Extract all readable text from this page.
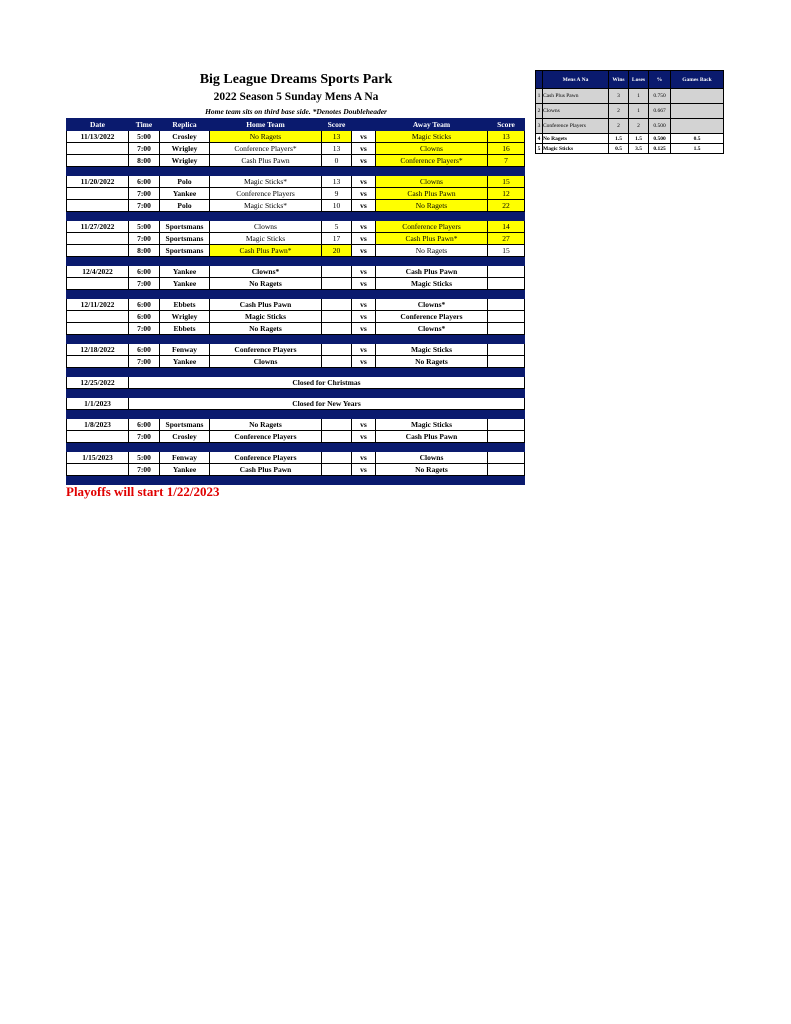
Big League Dreams Sports Park
2022 Season 5 Sunday Mens A Na
Home team sits on third base side. *Denotes Doubleheader
Date	Time	Replica	Home Team	Score		Away Team	Score
11/13/2022	5:00	Crosley	No Ragets	13	vs	Magic Sticks	13
	7:00	Wrigley	Conference Players*	13	vs	Clowns	16
	8:00	Wrigley	Cash Plus Pawn	0	vs	Conference Players*	7

11/20/2022	6:00	Polo	Magic Sticks*	13	vs	Clowns	15
	7:00	Yankee	Conference Players	9	vs	Cash Plus Pawn	12
	7:00	Polo	Magic Sticks*	10	vs	No Ragets	22

11/27/2022	5:00	Sportsmans	Clowns	5	vs	Conference Players	14
	7:00	Sportsmans	Magic Sticks	17	vs	Cash Plus Pawn*	27
	8:00	Sportsmans	Cash Plus Pawn*	20	vs	No Ragets	15

12/4/2022	6:00	Yankee	Clowns*		vs	Cash Plus Pawn	
	7:00	Yankee	No Ragets		vs	Magic Sticks	

12/11/2022	6:00	Ebbets	Cash Plus Pawn		vs	Clowns*	
	6:00	Wrigley	Magic Sticks		vs	Conference Players	
	7:00	Ebbets	No Ragets		vs	Clowns*	

12/18/2022	6:00	Fenway	Conference Players		vs	Magic Sticks	
	7:00	Yankee	Clowns		vs	No Ragets	

12/25/2022	Closed for Christmas						

1/1/2023	Closed for New Years						

1/8/2023	6:00	Sportsmans	No Ragets		vs	Magic Sticks	
	7:00	Crosley	Conference Players		vs	Cash Plus Pawn	

1/15/2023	5:00	Fenway	Conference Players		vs	Clowns	
	7:00	Yankee	Cash Plus Pawn		vs	No Ragets	

Playoffs will start 1/22/2023
	Mens A Na	Wins	Loses	%	Games Back
1	Cash Plus Pawn	3	1	0.750	
2	Clowns	2	1	0.667	
3	Conference Players	2	2	0.500	
4	No Ragets	1.5	1.5	0.500	0.5
5	Magic Sticks	0.5	3.5	0.125	1.5
